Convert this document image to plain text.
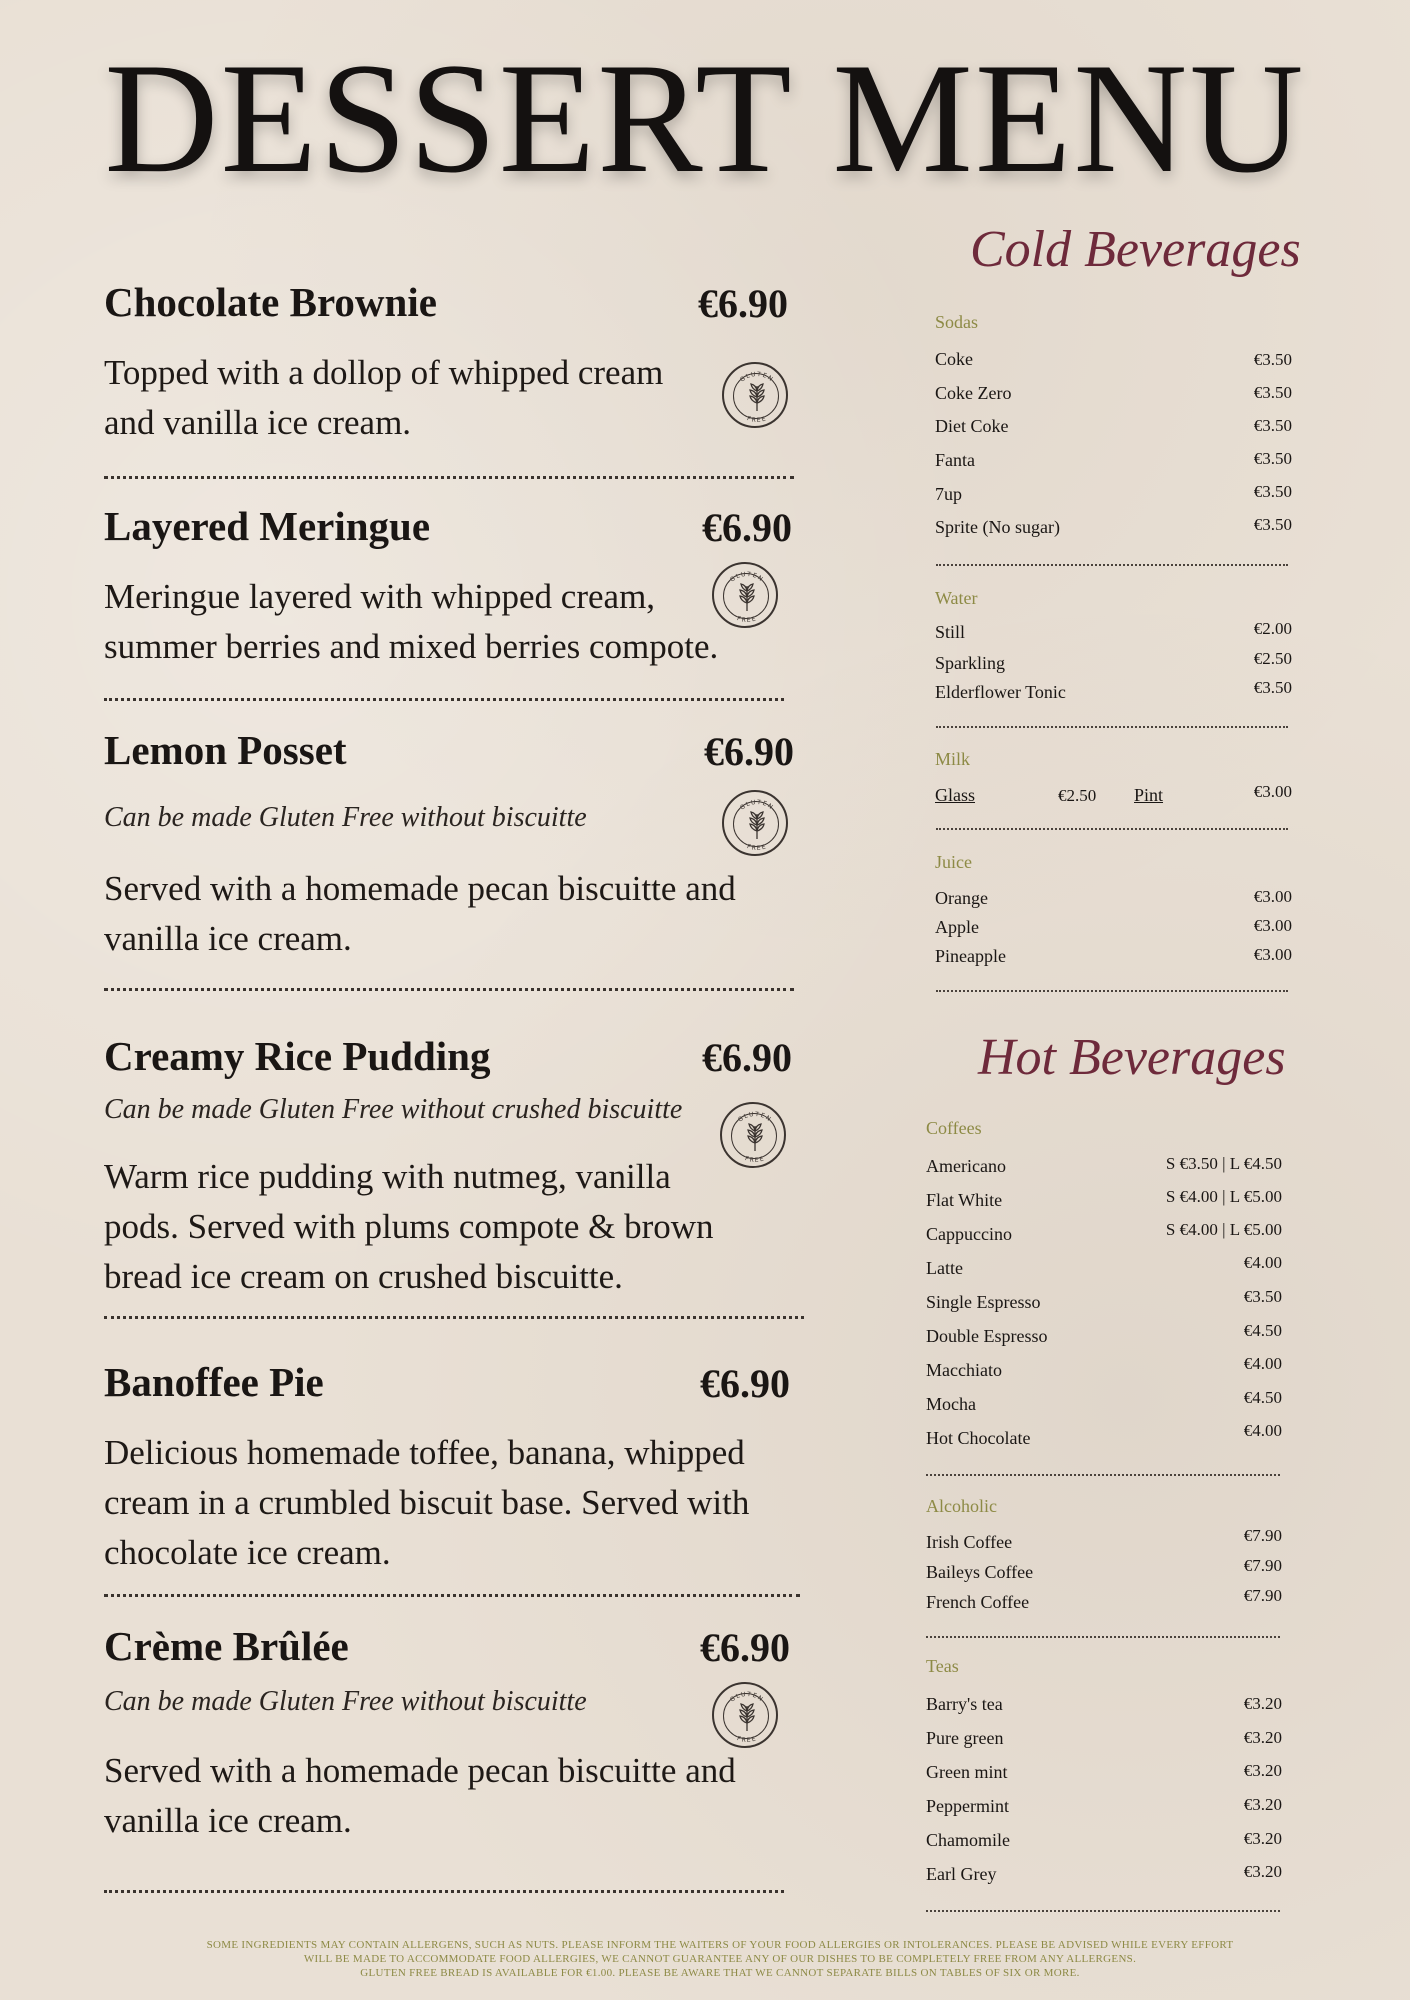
DESSERT MENU
Chocolate Brownie	€6.90
Topped with a dollop of whipped cream and vanilla ice cream.
GLUTEN
FREE
Layered Meringue	€6.90
Meringue layered with whipped cream, summer berries and mixed berries compote.
GLUTEN
FREE
Lemon Posset	€6.90
Can be made Gluten Free without biscuitte
Served with a homemade pecan biscuitte and vanilla ice cream.
GLUTEN
FREE
Creamy Rice Pudding	€6.90
Can be made Gluten Free without crushed biscuitte
Warm rice pudding with nutmeg, vanilla pods. Served with plums compote & brown bread ice cream on crushed biscuitte.
GLUTEN
FREE
Banoffee Pie	€6.90
Delicious homemade toffee, banana, whipped cream in a crumbled biscuit base. Served with chocolate ice cream.
Crème Brûlée	€6.90
Can be made Gluten Free without biscuitte
Served with a homemade pecan biscuitte and vanilla ice cream.
GLUTEN
FREE
Cold Beverages
Sodas
Coke	€3.50
Coke Zero	€3.50
Diet Coke	€3.50
Fanta	€3.50
7up	€3.50
Sprite (No sugar)	€3.50
Water
Still	€2.00
Sparkling	€2.50
Elderflower Tonic	€3.50
Milk
Glass	€2.50 Pint	€3.00
Juice
Orange	€3.00
Apple	€3.00
Pineapple	€3.00
Hot Beverages
Coffees
Americano	S €3.50 | L €4.50
Flat White	S €4.00 | L €5.00
Cappuccino	S €4.00 | L €5.00
Latte	€4.00
Single Espresso	€3.50
Double Espresso	€4.50
Macchiato	€4.00
Mocha	€4.50
Hot Chocolate	€4.00
Alcoholic
Irish Coffee	€7.90
Baileys Coffee	€7.90
French Coffee	€7.90
Teas
Barry's tea	€3.20
Pure green	€3.20
Green mint	€3.20
Peppermint	€3.20
Chamomile	€3.20
Earl Grey	€3.20
SOME INGREDIENTS MAY CONTAIN ALLERGENS, SUCH AS NUTS. PLEASE INFORM THE WAITERS OF YOUR FOOD ALLERGIES OR INTOLERANCES. PLEASE BE ADVISED WHILE EVERY EFFORT
WILL BE MADE TO ACCOMMODATE FOOD ALLERGIES, WE CANNOT GUARANTEE ANY OF OUR DISHES TO BE COMPLETELY FREE FROM ANY ALLERGENS.
GLUTEN FREE BREAD IS AVAILABLE FOR €1.00. PLEASE BE AWARE THAT WE CANNOT SEPARATE BILLS ON TABLES OF SIX OR MORE.
